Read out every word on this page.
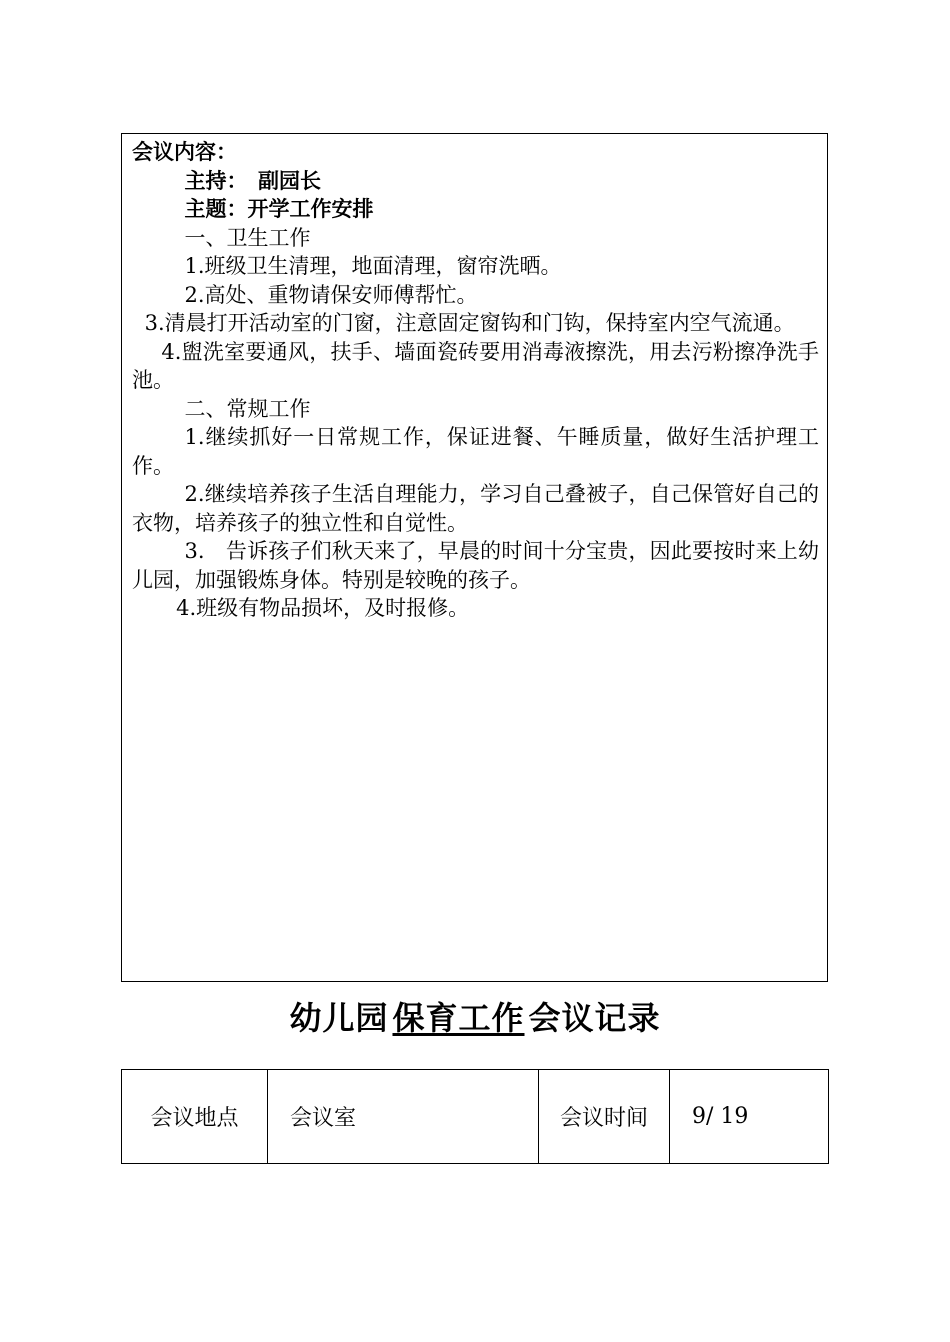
会议内容：

主持：　副园长

主题：开学工作安排

一、卫生工作

1.班级卫生清理，地面清理，窗帘洗晒。

2.高处、重物请保安师傅帮忙。

3.清晨打开活动室的门窗，注意固定窗钩和门钩，保持室内空气流通。

4.盥洗室要通风，扶手、墙面瓷砖要用消毒液擦洗，用去污粉擦净洗手池。

二、常规工作

1.继续抓好一日常规工作，保证进餐、午睡质量，做好生活护理工作。

2.继续培养孩子生活自理能力，学习自己叠被子，自己保管好自己的衣物，培养孩子的独立性和自觉性。

3.　告诉孩子们秋天来了，早晨的时间十分宝贵，因此要按时来上幼儿园，加强锻炼身体。特别是较晚的孩子。

4.班级有物品损坏，及时报修。

幼儿园 保育工作 会议记录
会议地点	会议室	会议时间	9/ 19
